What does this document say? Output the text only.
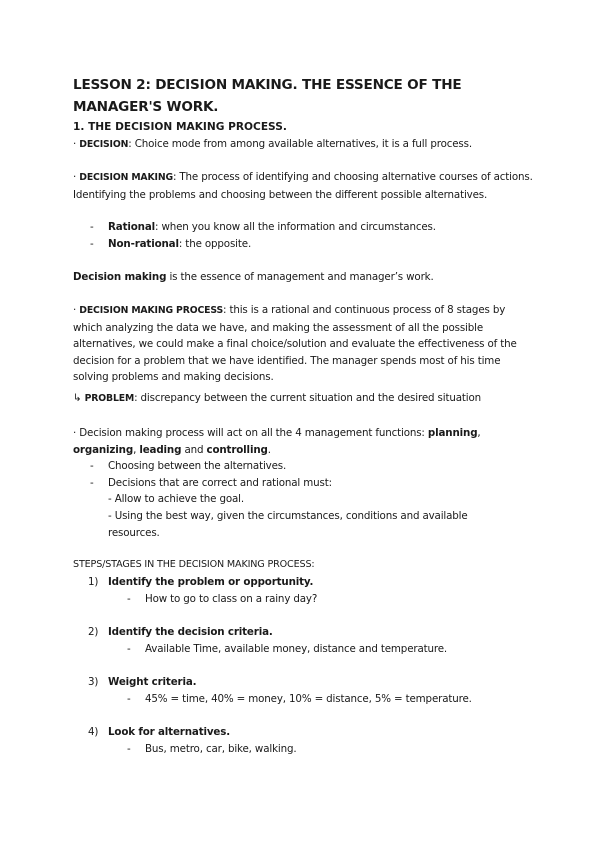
LESSON 2: DECISION MAKING. THE ESSENCE OF THE MANAGER'S WORK.
1. THE DECISION MAKING PROCESS.
· DECISION: Choice mode from among available alternatives, it is a full process.
· DECISION MAKING: The process of identifying and choosing alternative courses of actions. Identifying the problems and choosing between the different possible alternatives.
- Rational: when you know all the information and circumstances.
- Non-rational: the opposite.
Decision making is the essence of management and manager’s work.
· DECISION MAKING PROCESS: this is a rational and continuous process of 8 stages by which analyzing the data we have, and making the assessment of all the possible alternatives, we could make a final choice/solution and evaluate the effectiveness of the decision for a problem that we have identified. The manager spends most of his time solving problems and making decisions.
↳ PROBLEM: discrepancy between the current situation and the desired situation
· Decision making process will act on all the 4 management functions: planning, organizing, leading and controlling.
- Choosing between the alternatives.
- Decisions that are correct and rational must:
- Allow to achieve the goal.
- Using the best way, given the circumstances, conditions and available resources.
STEPS/STAGES IN THE DECISION MAKING PROCESS:
1) Identify the problem or opportunity.
- How to go to class on a rainy day?
2) Identify the decision criteria.
- Available Time, available money, distance and temperature.
3) Weight criteria.
- 45% = time, 40% = money, 10% = distance, 5% = temperature.
4) Look for alternatives.
- Bus, metro, car, bike, walking.
